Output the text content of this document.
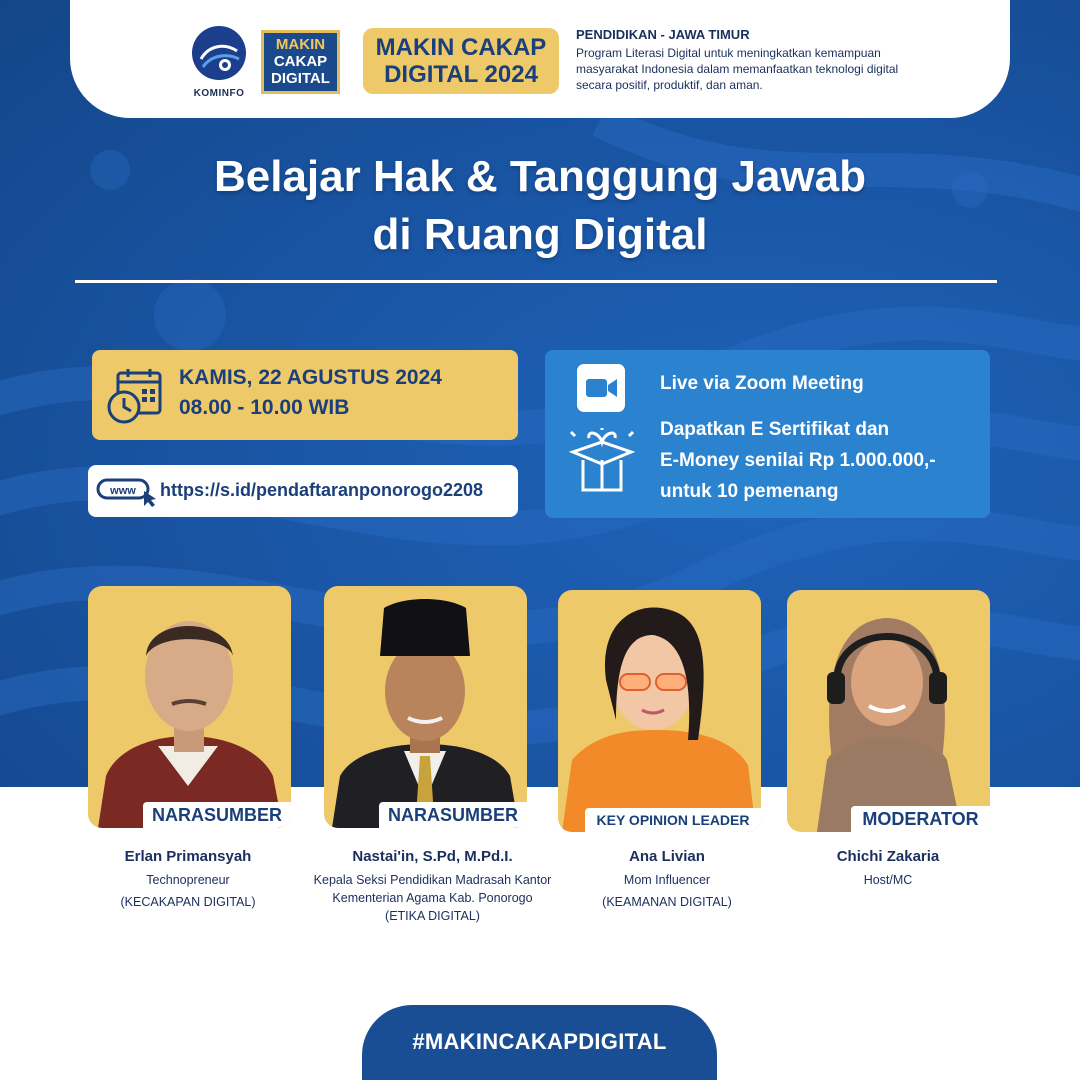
KOMINFO
MAKIN
CAKAP
DIGITAL
MAKIN CAKAP
DIGITAL 2024
PENDIDIKAN - JAWA TIMUR
Program Literasi Digital untuk meningkatkan kemampuan masyarakat Indonesia dalam memanfaatkan teknologi digital secara positif, produktif, dan aman.
Belajar Hak & Tanggung Jawab
di Ruang Digital
KAMIS, 22 AGUSTUS 2024
08.00 - 10.00 WIB
www https://s.id/pendaftaranponorogo2208
Live via Zoom Meeting
Dapatkan E Sertifikat dan
E-Money senilai Rp 1.000.000,-
untuk 10 pemenang
NARASUMBER	NARASUMBER	KEY OPINION LEADER	MODERATOR
Erlan Primansyah
Technopreneur
(KECAKAPAN DIGITAL)
Nastai'in, S.Pd, M.Pd.I.
Kepala Seksi Pendidikan Madrasah Kantor
Kementerian Agama Kab. Ponorogo
(ETIKA DIGITAL)
Ana Livian
Mom Influencer
(KEAMANAN DIGITAL)
Chichi Zakaria
Host/MC
#MAKINCAKAPDIGITAL
